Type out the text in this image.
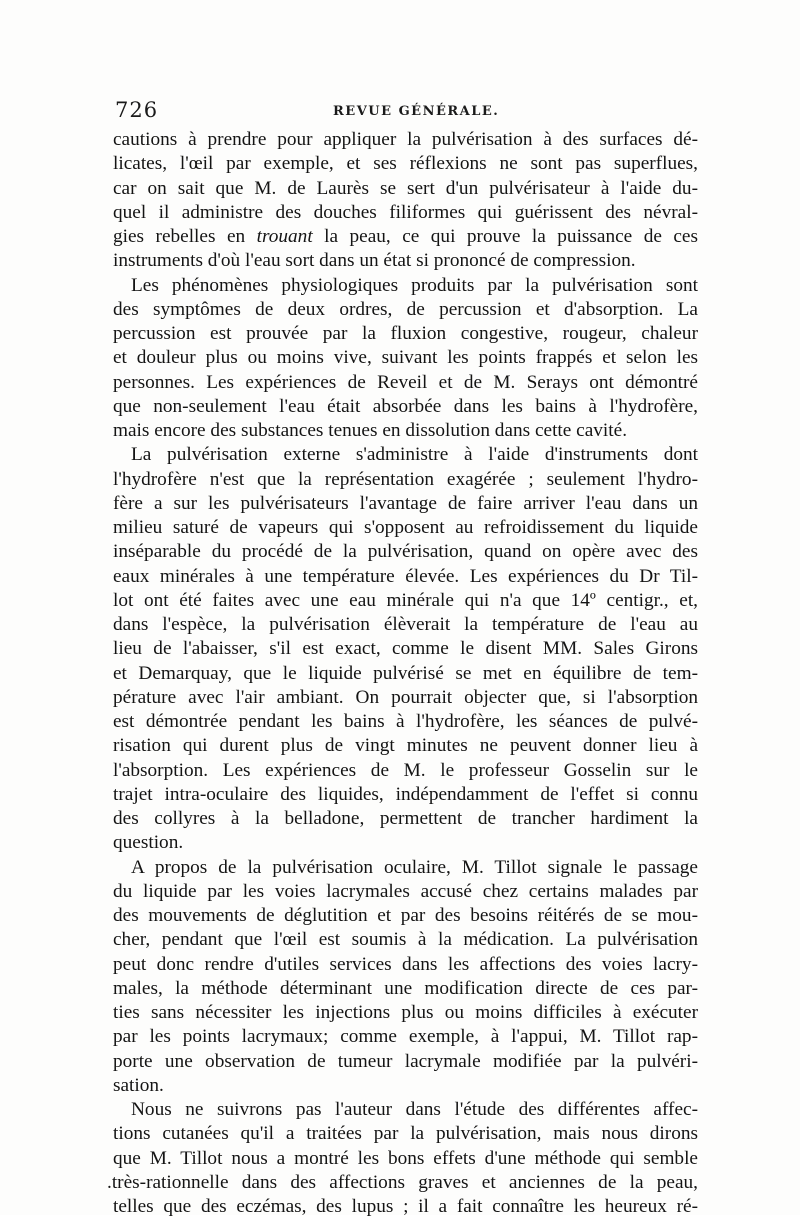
726	REVUE GÉNÉRALE.
cautions à prendre pour appliquer la pulvérisation à des surfaces dé-
licates, l'œil par exemple, et ses réflexions ne sont pas superflues,
car on sait que M. de Laurès se sert d'un pulvérisateur à l'aide du-
quel il administre des douches filiformes qui guérissent des névral-
gies rebelles en trouant la peau, ce qui prouve la puissance de ces
instruments d'où l'eau sort dans un état si prononcé de compression.
Les phénomènes physiologiques produits par la pulvérisation sont
des symptômes de deux ordres, de percussion et d'absorption. La
percussion est prouvée par la fluxion congestive, rougeur, chaleur
et douleur plus ou moins vive, suivant les points frappés et selon les
personnes. Les expériences de Reveil et de M. Serays ont démontré
que non-seulement l'eau était absorbée dans les bains à l'hydrofère,
mais encore des substances tenues en dissolution dans cette cavité.
La pulvérisation externe s'administre à l'aide d'instruments dont
l'hydrofère n'est que la représentation exagérée ; seulement l'hydro-
fère a sur les pulvérisateurs l'avantage de faire arriver l'eau dans un
milieu saturé de vapeurs qui s'opposent au refroidissement du liquide
inséparable du procédé de la pulvérisation, quand on opère avec des
eaux minérales à une température élevée. Les expériences du Dr Til-
lot ont été faites avec une eau minérale qui n'a que 14º centigr., et,
dans l'espèce, la pulvérisation élèverait la température de l'eau au
lieu de l'abaisser, s'il est exact, comme le disent MM. Sales Girons
et Demarquay, que le liquide pulvérisé se met en équilibre de tem-
pérature avec l'air ambiant. On pourrait objecter que, si l'absorption
est démontrée pendant les bains à l'hydrofère, les séances de pulvé-
risation qui durent plus de vingt minutes ne peuvent donner lieu à
l'absorption. Les expériences de M. le professeur Gosselin sur le
trajet intra-oculaire des liquides, indépendamment de l'effet si connu
des collyres à la belladone, permettent de trancher hardiment la
question.
A propos de la pulvérisation oculaire, M. Tillot signale le passage
du liquide par les voies lacrymales accusé chez certains malades par
des mouvements de déglutition et par des besoins réitérés de se mou-
cher, pendant que l'œil est soumis à la médication. La pulvérisation
peut donc rendre d'utiles services dans les affections des voies lacry-
males, la méthode déterminant une modification directe de ces par-
ties sans nécessiter les injections plus ou moins difficiles à exécuter
par les points lacrymaux; comme exemple, à l'appui, M. Tillot rap-
porte une observation de tumeur lacrymale modifiée par la pulvéri-
sation.
Nous ne suivrons pas l'auteur dans l'étude des différentes affec-
tions cutanées qu'il a traitées par la pulvérisation, mais nous dirons
que M. Tillot nous a montré les bons effets d'une méthode qui semble
.très-rationnelle dans des affections graves et anciennes de la peau,
telles que des eczémas, des lupus ; il a fait connaître les heureux ré-
